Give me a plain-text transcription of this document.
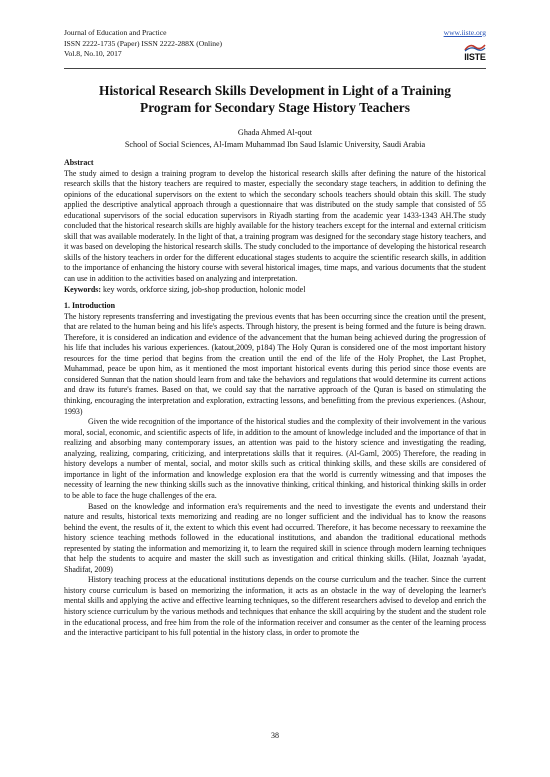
Journal of Education and Practice
ISSN 2222-1735 (Paper) ISSN 2222-288X (Online)
Vol.8, No.10, 2017
www.iiste.org
IISTE
Historical Research Skills Development in Light of a Training
Program for Secondary Stage History Teachers
Ghada Ahmed Al-qout
School of Social Sciences, Al-Imam Muhammad Ibn Saud Islamic University, Saudi Arabia
Abstract

The study aimed to design a training program to develop the historical research skills after defining the nature of the historical research skills that the history teachers are required to master, especially the secondary stage teachers, in addition to defining the opinions of the educational supervisors on the extent to which the secondary schools teachers should obtain this skill. The study applied the descriptive analytical approach through a questionnaire that was distributed on the study sample that consisted of 55 educational supervisors of the social education supervisors in Riyadh starting from the academic year 1433-1343 AH.The study concluded that the historical research skills are highly available for the history teachers except for the internal and external criticism skill that was available moderately. In the light of that, a training program was designed for the secondary stage history teachers, and it was based on developing the historical research skills. The study concluded to the importance of developing the historical research skills of the history teachers in order for the different educational stages students to acquire the scientific research skills, in addition to the importance of enhancing the history course with several historical images, time maps, and various documents that the student can use in addition to the activities based on analyzing and interpretation.

Keywords: key words, orkforce sizing, job-shop production, holonic model

1. Introduction

The history represents transferring and investigating the previous events that has been occurring since the creation until the present, that are related to the human being and his life's aspects. Through history, the present is being formed and the future is being drawn. Therefore, it is considered an indication and evidence of the advancement that the human being achieved during the progression of his life that includes his various experiences. (katout,2009, p184) The Holy Quran is considered one of the most important history resources for the time period that begins from the creation until the end of the life of the Holy Prophet, the Last Prophet, Muhammad, peace be upon him, as it mentioned the most important historical events during this period since those events are considered Sunnan that the nation should learn from and take the behaviors and regulations that would determine its current actions and draw its future's frames. Based on that, we could say that the narrative approach of the Quran is based on stimulating the thinking, encouraging the interpretation and exploration, extracting lessons, and benefitting from the previous experiences. (Ashour, 1993)

Given the wide recognition of the importance of the historical studies and the complexity of their involvement in the various moral, social, economic, and scientific aspects of life, in addition to the amount of knowledge included and the importance of that in realizing and absorbing many contemporary issues, an attention was paid to the history science and investigating the reading, analyzing, realizing, comparing, criticizing, and interpretations skills that it requires. (Al-Gaml, 2005) Therefore, the reading in history develops a number of mental, social, and motor skills such as critical thinking skills, and these skills are considered of importance in light of the information and knowledge explosion era that the world is currently witnessing and that imposes the necessity of learning the new thinking skills such as the innovative thinking, critical thinking, and historical thinking skills in order to be able to face the huge challenges of the era.

Based on the knowledge and information era's requirements and the need to investigate the events and understand their nature and results, historical texts memorizing and reading are no longer sufficient and the individual has to know the reasons behind the event, the results of it, the extent to which this event had occurred. Therefore, it has become necessary to reexamine the history science teaching methods followed in the educational institutions, and abandon the traditional educational methods represented by stating the information and memorizing it, to learn the required skill in science through modern learning techniques that help the students to acquire and master the skill such as investigation and critical thinking skills. (Hilat, Joaznah 'ayadat, Shadifat, 2009)

History teaching process at the educational institutions depends on the course curriculum and the teacher. Since the current history course curriculum is based on memorizing the information, it acts as an obstacle in the way of developing the learner's mental skills and applying the active and effective learning techniques, so the different researchers advised to develop and enrich the history science curriculum by the various methods and techniques that enhance the skill acquiring by the student and the student role in the educational process, and free him from the role of the information receiver and consumer as the center of the learning process and the interactive participant to his full potential in the history class, in order to promote the

38
